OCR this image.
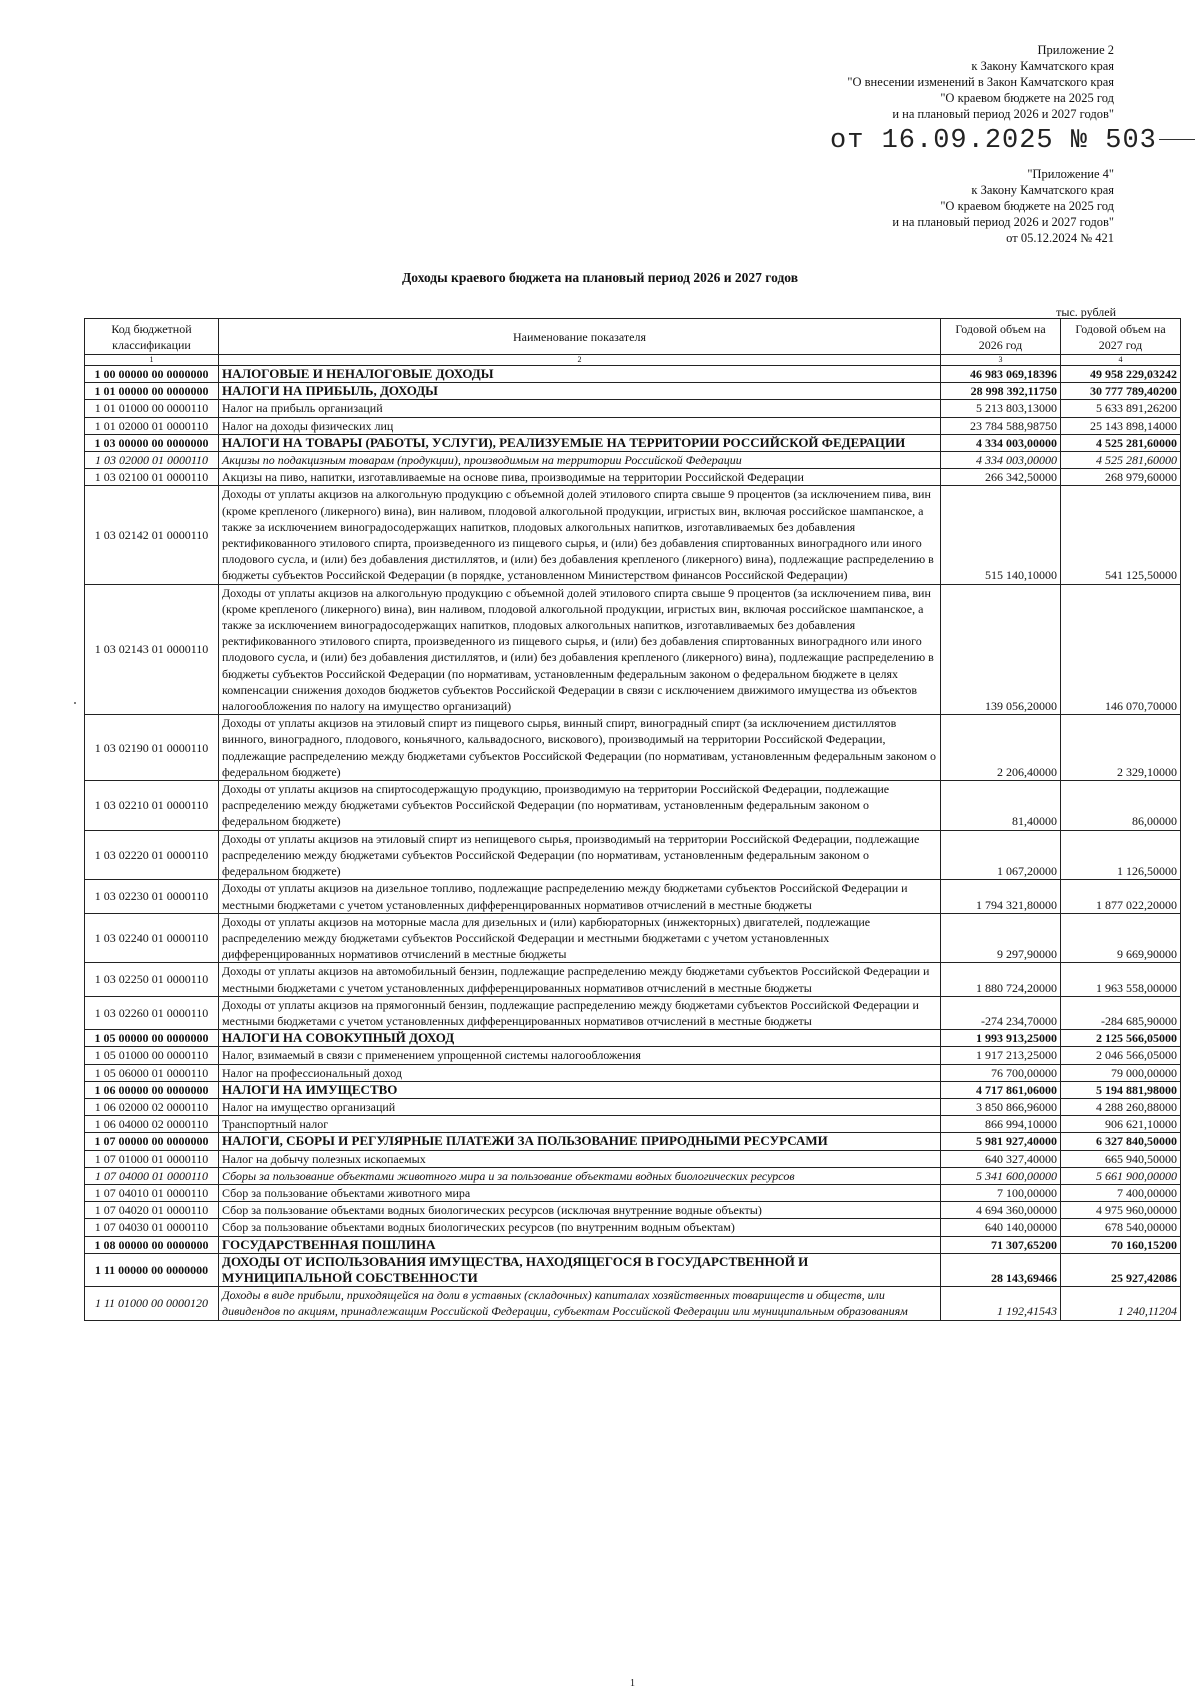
Приложение 2
к Закону Камчатского края
"О внесении изменений в Закон Камчатского края
"О краевом бюджете на 2025 год
и на плановый период 2026 и 2027 годов"
от 16.09.2025 № 503
"Приложение 4"
к Закону Камчатского края
"О краевом бюджете на 2025 год
и на плановый период 2026 и 2027 годов"
от 05.12.2024 № 421
Доходы краевого бюджета на плановый период 2026 и 2027 годов
тыс. рублей
Код бюджетной классификации	Наименование показателя	Годовой объем на 2026 год	Годовой объем на 2027 год
1	2	3	4
1 00 00000 00 0000000	НАЛОГОВЫЕ И НЕНАЛОГОВЫЕ ДОХОДЫ	46 983 069,18396	49 958 229,03242
1 01 00000 00 0000000	НАЛОГИ НА ПРИБЫЛЬ, ДОХОДЫ	28 998 392,11750	30 777 789,40200
1 01 01000 00 0000110	Налог на прибыль организаций	5 213 803,13000	5 633 891,26200
1 01 02000 01 0000110	Налог на доходы физических лиц	23 784 588,98750	25 143 898,14000
1 03 00000 00 0000000	НАЛОГИ НА ТОВАРЫ (РАБОТЫ, УСЛУГИ), РЕАЛИЗУЕМЫЕ НА ТЕРРИТОРИИ РОССИЙСКОЙ ФЕДЕРАЦИИ	4 334 003,00000	4 525 281,60000
1 03 02000 01 0000110	Акцизы по подакцизным товарам (продукции), производимым на территории Российской Федерации	4 334 003,00000	4 525 281,60000
1 03 02100 01 0000110	Акцизы на пиво, напитки, изготавливаемые на основе пива, производимые на территории Российской Федерации	266 342,50000	268 979,60000
1 03 02142 01 0000110	Доходы от уплаты акцизов на алкогольную продукцию с объемной долей этилового спирта свыше 9 процентов (за исключением пива, вин (кроме крепленого (ликерного) вина), вин наливом, плодовой алкогольной продукции, игристых вин, включая российское шампанское, а также за исключением виноградосодержащих напитков, плодовых алкогольных напитков, изготавливаемых без добавления ректификованного этилового спирта, произведенного из пищевого сырья, и (или) без добавления спиртованных виноградного или иного плодового сусла, и (или) без добавления дистиллятов, и (или) без добавления крепленого (ликерного) вина), подлежащие распределению в бюджеты субъектов Российской Федерации (в порядке, установленном Министерством финансов Российской Федерации)	515 140,10000	541 125,50000
1 03 02143 01 0000110	Доходы от уплаты акцизов на алкогольную продукцию с объемной долей этилового спирта свыше 9 процентов (за исключением пива, вин (кроме крепленого (ликерного) вина), вин наливом, плодовой алкогольной продукции, игристых вин, включая российское шампанское, а также за исключением виноградосодержащих напитков, плодовых алкогольных напитков, изготавливаемых без добавления ректификованного этилового спирта, произведенного из пищевого сырья, и (или) без добавления спиртованных виноградного или иного плодового сусла, и (или) без добавления дистиллятов, и (или) без добавления крепленого (ликерного) вина), подлежащие распределению в бюджеты субъектов Российской Федерации (по нормативам, установленным федеральным законом о федеральном бюджете в целях компенсации снижения доходов бюджетов субъектов Российской Федерации в связи с исключением движимого имущества из объектов налогообложения по налогу на имущество организаций)	139 056,20000	146 070,70000
1 03 02190 01 0000110	Доходы от уплаты акцизов на этиловый спирт из пищевого сырья, винный спирт, виноградный спирт (за исключением дистиллятов винного, виноградного, плодового, коньячного, кальвадосного, вискового), производимый на территории Российской Федерации, подлежащие распределению между бюджетами субъектов Российской Федерации (по нормативам, установленным федеральным законом о федеральном бюджете)	2 206,40000	2 329,10000
1 03 02210 01 0000110	Доходы от уплаты акцизов на спиртосодержащую продукцию, производимую на территории Российской Федерации, подлежащие распределению между бюджетами субъектов Российской Федерации (по нормативам, установленным федеральным законом о федеральном бюджете)	81,40000	86,00000
1 03 02220 01 0000110	Доходы от уплаты акцизов на этиловый спирт из непищевого сырья, производимый на территории Российской Федерации, подлежащие распределению между бюджетами субъектов Российской Федерации (по нормативам, установленным федеральным законом о федеральном бюджете)	1 067,20000	1 126,50000
1 03 02230 01 0000110	Доходы от уплаты акцизов на дизельное топливо, подлежащие распределению между бюджетами субъектов Российской Федерации и местными бюджетами с учетом установленных дифференцированных нормативов отчислений в местные бюджеты	1 794 321,80000	1 877 022,20000
1 03 02240 01 0000110	Доходы от уплаты акцизов на моторные масла для дизельных и (или) карбюраторных (инжекторных) двигателей, подлежащие распределению между бюджетами субъектов Российской Федерации и местными бюджетами с учетом установленных дифференцированных нормативов отчислений в местные бюджеты	9 297,90000	9 669,90000
1 03 02250 01 0000110	Доходы от уплаты акцизов на автомобильный бензин, подлежащие распределению между бюджетами субъектов Российской Федерации и местными бюджетами с учетом установленных дифференцированных нормативов отчислений в местные бюджеты	1 880 724,20000	1 963 558,00000
1 03 02260 01 0000110	Доходы от уплаты акцизов на прямогонный бензин, подлежащие распределению между бюджетами субъектов Российской Федерации и местными бюджетами с учетом установленных дифференцированных нормативов отчислений в местные бюджеты	-274 234,70000	-284 685,90000
1 05 00000 00 0000000	НАЛОГИ НА СОВОКУПНЫЙ ДОХОД	1 993 913,25000	2 125 566,05000
1 05 01000 00 0000110	Налог, взимаемый в связи с применением упрощенной системы налогообложения	1 917 213,25000	2 046 566,05000
1 05 06000 01 0000110	Налог на профессиональный доход	76 700,00000	79 000,00000
1 06 00000 00 0000000	НАЛОГИ НА ИМУЩЕСТВО	4 717 861,06000	5 194 881,98000
1 06 02000 02 0000110	Налог на имущество организаций	3 850 866,96000	4 288 260,88000
1 06 04000 02 0000110	Транспортный налог	866 994,10000	906 621,10000
1 07 00000 00 0000000	НАЛОГИ, СБОРЫ И РЕГУЛЯРНЫЕ ПЛАТЕЖИ ЗА ПОЛЬЗОВАНИЕ ПРИРОДНЫМИ РЕСУРСАМИ	5 981 927,40000	6 327 840,50000
1 07 01000 01 0000110	Налог на добычу полезных ископаемых	640 327,40000	665 940,50000
1 07 04000 01 0000110	Сборы за пользование объектами животного мира и за пользование объектами водных биологических ресурсов	5 341 600,00000	5 661 900,00000
1 07 04010 01 0000110	Сбор за пользование объектами животного мира	7 100,00000	7 400,00000
1 07 04020 01 0000110	Сбор за пользование объектами водных биологических ресурсов (исключая внутренние водные объекты)	4 694 360,00000	4 975 960,00000
1 07 04030 01 0000110	Сбор за пользование объектами водных биологических ресурсов (по внутренним водным объектам)	640 140,00000	678 540,00000
1 08 00000 00 0000000	ГОСУДАРСТВЕННАЯ ПОШЛИНА	71 307,65200	70 160,15200
1 11 00000 00 0000000	ДОХОДЫ ОТ ИСПОЛЬЗОВАНИЯ ИМУЩЕСТВА, НАХОДЯЩЕГОСЯ В ГОСУДАРСТВЕННОЙ И МУНИЦИПАЛЬНОЙ СОБСТВЕННОСТИ	28 143,69466	25 927,42086
1 11 01000 00 0000120	Доходы в виде прибыли, приходящейся на доли в уставных (складочных) капиталах хозяйственных товариществ и обществ, или дивидендов по акциям, принадлежащим Российской Федерации, субъектам Российской Федерации или муниципальным образованиям	1 192,41543	1 240,11204
1
